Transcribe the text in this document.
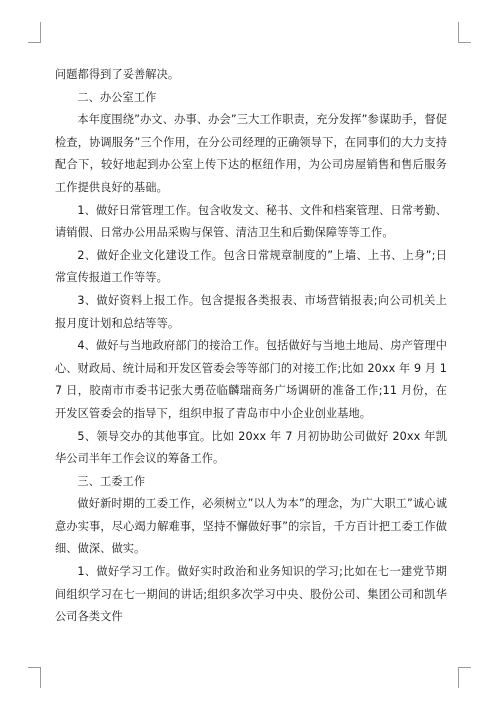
问题都得到了妥善解决。

二、办公室工作

本年度围绕”办文、办事、办会”三大工作职责，充分发挥”参谋助手，督促检查，协调服务”三个作用，在分公司经理的正确领导下，在同事们的大力支持配合下，较好地起到办公室上传下达的枢纽作用，为公司房屋销售和售后服务工作提供良好的基础。

1、做好日常管理工作。包含收发文、秘书、文件和档案管理、日常考勤、请销假、日常办公用品采购与保管、清洁卫生和后勤保障等等工作。

2、做好企业文化建设工作。包含日常规章制度的”上墙、上书、上身”;日常宣传报道工作等等。

3、做好资料上报工作。包含提报各类报表、市场营销报表;向公司机关上报月度计划和总结等等。

4、做好与当地政府部门的接洽工作。包括做好与当地土地局、房产管理中心、财政局、统计局和开发区管委会等等部门的对接工作;比如 20xx 年 9 月 17 日，胶南市市委书记张大勇莅临麟瑞商务广场调研的准备工作;11 月份，在开发区管委会的指导下，组织申报了青岛市中小企业创业基地。

5、领导交办的其他事宜。比如 20xx 年 7 月初协助公司做好 20xx 年凯华公司半年工作会议的筹备工作。

三、工委工作

做好新时期的工委工作，必须树立”以人为本”的理念，为广大职工”诚心诚意办实事，尽心竭力解难事，坚持不懈做好事”的宗旨，千方百计把工委工作做细、做深、做实。

1、做好学习工作。做好实时政治和业务知识的学习;比如在七一建党节期间组织学习在七一期间的讲话;组织多次学习中央、股份公司、集团公司和凯华公司各类文件
